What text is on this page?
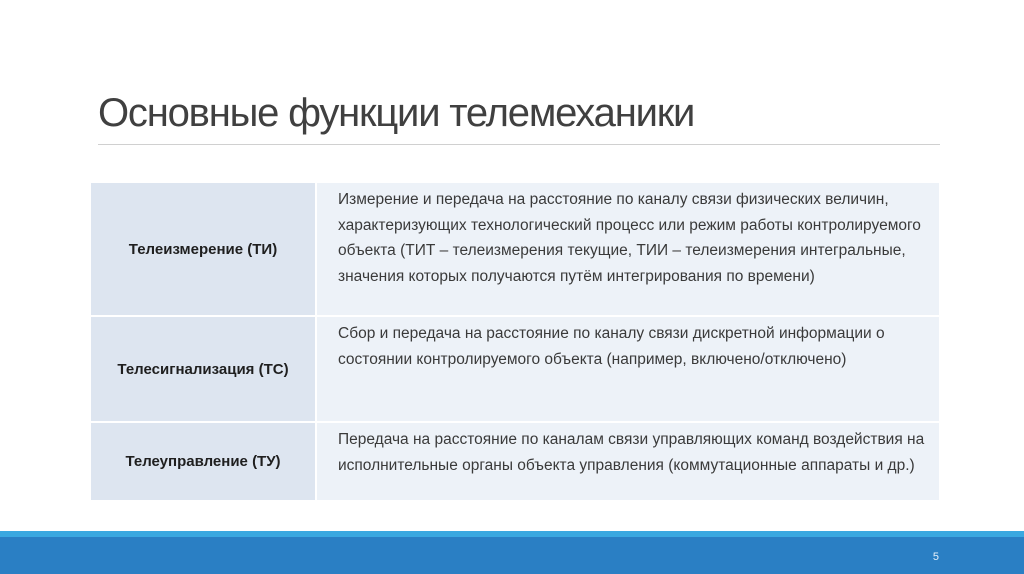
Основные функции телемеханики
Телеизмерение (ТИ)
Измерение и передача на расстояние по каналу связи физических величин, характеризующих технологический процесс или режим работы контролируемого объекта (ТИТ – телеизмерения текущие, ТИИ – телеизмерения интегральные, значения которых получаются путём интегрирования по времени)
Телесигнализация (ТС)
Сбор и передача на расстояние по каналу связи дискретной информации о состоянии контролируемого объекта (например, включено/отключено)
Телеуправление (ТУ)
Передача на расстояние по каналам связи управляющих команд воздействия на исполнительные органы объекта управления (коммутационные аппараты и др.)
5
